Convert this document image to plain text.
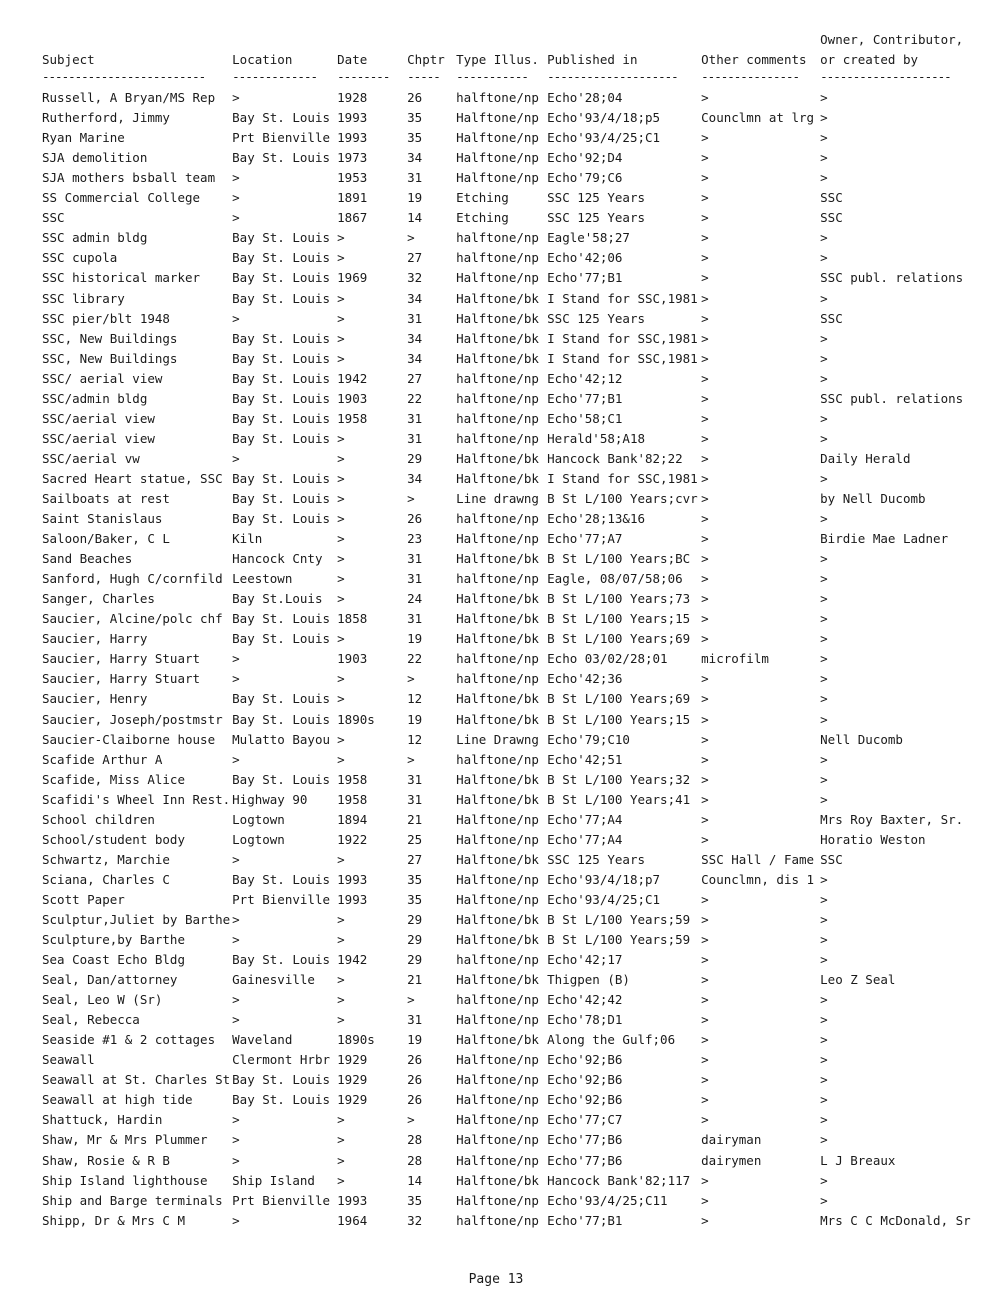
							Owner, Contributor,
Subject	Location	Date	Chptr	Type Illus.	Published in	Other comments	or created by
-------------------------	-------------	--------	-----	-----------	--------------------	---------------	--------------------
Russell, A Bryan/MS Rep	>	1928	26	halftone/np	Echo'28;04	>	>
Rutherford, Jimmy	Bay St. Louis	1993	35	Halftone/np	Echo'93/4/18;p5	Counclmn at lrg	>
Ryan Marine	Prt Bienville	1993	35	Halftone/np	Echo'93/4/25;C1	>	>
SJA demolition	Bay St. Louis	1973	34	Halftone/np	Echo'92;D4	>	>
SJA mothers bsball team	>	1953	31	Halftone/np	Echo'79;C6	>	>
SS Commercial College	>	1891	19	Etching	SSC 125 Years	>	SSC
SSC	>	1867	14	Etching	SSC 125 Years	>	SSC
SSC admin bldg	Bay St. Louis	>	>	halftone/np	Eagle'58;27	>	>
SSC cupola	Bay St. Louis	>	27	halftone/np	Echo'42;06	>	>
SSC historical marker	Bay St. Louis	1969	32	Halftone/np	Echo'77;B1	>	SSC publ. relations
SSC library	Bay St. Louis	>	34	Halftone/bk	I Stand for SSC,1981	>	>
SSC pier/blt 1948	>	>	31	Halftone/bk	SSC 125 Years	>	SSC
SSC, New Buildings	Bay St. Louis	>	34	Halftone/bk	I Stand for SSC,1981	>	>
SSC, New Buildings	Bay St. Louis	>	34	Halftone/bk	I Stand for SSC,1981	>	>
SSC/ aerial view	Bay St. Louis	1942	27	halftone/np	Echo'42;12	>	>
SSC/admin bldg	Bay St. Louis	1903	22	halftone/np	Echo'77;B1	>	SSC publ. relations
SSC/aerial view	Bay St. Louis	1958	31	halftone/np	Echo'58;C1	>	>
SSC/aerial view	Bay St. Louis	>	31	halftone/np	Herald'58;A18	>	>
SSC/aerial vw	>	>	29	Halftone/bk	Hancock Bank'82;22	>	Daily Herald
Sacred Heart statue, SSC	Bay St. Louis	>	34	Halftone/bk	I Stand for SSC,1981	>	>
Sailboats at rest	Bay St. Louis	>	>	Line drawng	B St L/100 Years;cvr	>	by Nell Ducomb
Saint Stanislaus	Bay St. Louis	>	26	halftone/np	Echo'28;13&16	>	>
Saloon/Baker, C L	Kiln	>	23	Halftone/np	Echo'77;A7	>	Birdie Mae Ladner
Sand Beaches	Hancock Cnty	>	31	Halftone/bk	B St L/100 Years;BC	>	>
Sanford, Hugh C/cornfild	Leestown	>	31	halftone/np	Eagle, 08/07/58;06	>	>
Sanger, Charles	Bay St.Louis	>	24	Halftone/bk	B St L/100 Years;73	>	>
Saucier, Alcine/polc chf	Bay St. Louis	1858	31	Halftone/bk	B St L/100 Years;15	>	>
Saucier, Harry	Bay St. Louis	>	19	Halftone/bk	B St L/100 Years;69	>	>
Saucier, Harry Stuart	>	1903	22	halftone/np	Echo 03/02/28;01	microfilm	>
Saucier, Harry Stuart	>	>	>	halftone/np	Echo'42;36	>	>
Saucier, Henry	Bay St. Louis	>	12	Halftone/bk	B St L/100 Years;69	>	>
Saucier, Joseph/postmstr	Bay St. Louis	1890s	19	Halftone/bk	B St L/100 Years;15	>	>
Saucier-Claiborne house	Mulatto Bayou	>	12	Line Drawng	Echo'79;C10	>	Nell Ducomb
Scafide Arthur A	>	>	>	halftone/np	Echo'42;51	>	>
Scafide, Miss Alice	Bay St. Louis	1958	31	Halftone/bk	B St L/100 Years;32	>	>
Scafidi's Wheel Inn Rest.	Highway 90	1958	31	Halftone/bk	B St L/100 Years;41	>	>
School children	Logtown	1894	21	Halftone/np	Echo'77;A4	>	Mrs Roy Baxter, Sr.
School/student body	Logtown	1922	25	Halftone/np	Echo'77;A4	>	Horatio Weston
Schwartz, Marchie	>	>	27	Halftone/bk	SSC 125 Years	SSC Hall / Fame	SSC
Sciana, Charles C	Bay St. Louis	1993	35	Halftone/np	Echo'93/4/18;p7	Counclmn, dis 1	>
Scott Paper	Prt Bienville	1993	35	Halftone/np	Echo'93/4/25;C1	>	>
Sculptur,Juliet by Barthe	>	>	29	Halftone/bk	B St L/100 Years;59	>	>
Sculpture,by Barthe	>	>	29	Halftone/bk	B St L/100 Years;59	>	>
Sea Coast Echo Bldg	Bay St. Louis	1942	29	halftone/np	Echo'42;17	>	>
Seal, Dan/attorney	Gainesville	>	21	Halftone/bk	Thigpen (B)	>	Leo Z Seal
Seal, Leo W (Sr)	>	>	>	halftone/np	Echo'42;42	>	>
Seal, Rebecca	>	>	31	Halftone/np	Echo'78;D1	>	>
Seaside #1 & 2 cottages	Waveland	1890s	19	Halftone/bk	Along the Gulf;06	>	>
Seawall	Clermont Hrbr	1929	26	Halftone/np	Echo'92;B6	>	>
Seawall at St. Charles St	Bay St. Louis	1929	26	Halftone/np	Echo'92;B6	>	>
Seawall at high tide	Bay St. Louis	1929	26	Halftone/np	Echo'92;B6	>	>
Shattuck, Hardin	>	>	>	Halftone/np	Echo'77;C7	>	>
Shaw, Mr & Mrs Plummer	>	>	28	Halftone/np	Echo'77;B6	dairyman	>
Shaw, Rosie & R B	>	>	28	Halftone/np	Echo'77;B6	dairymen	L J Breaux
Ship Island lighthouse	Ship Island	>	14	Halftone/bk	Hancock Bank'82;117	>	>
Ship and Barge terminals	Prt Bienville	1993	35	Halftone/np	Echo'93/4/25;C11	>	>
Shipp, Dr & Mrs C M	>	1964	32	halftone/np	Echo'77;B1	>	Mrs C C McDonald, Sr
Page 13
